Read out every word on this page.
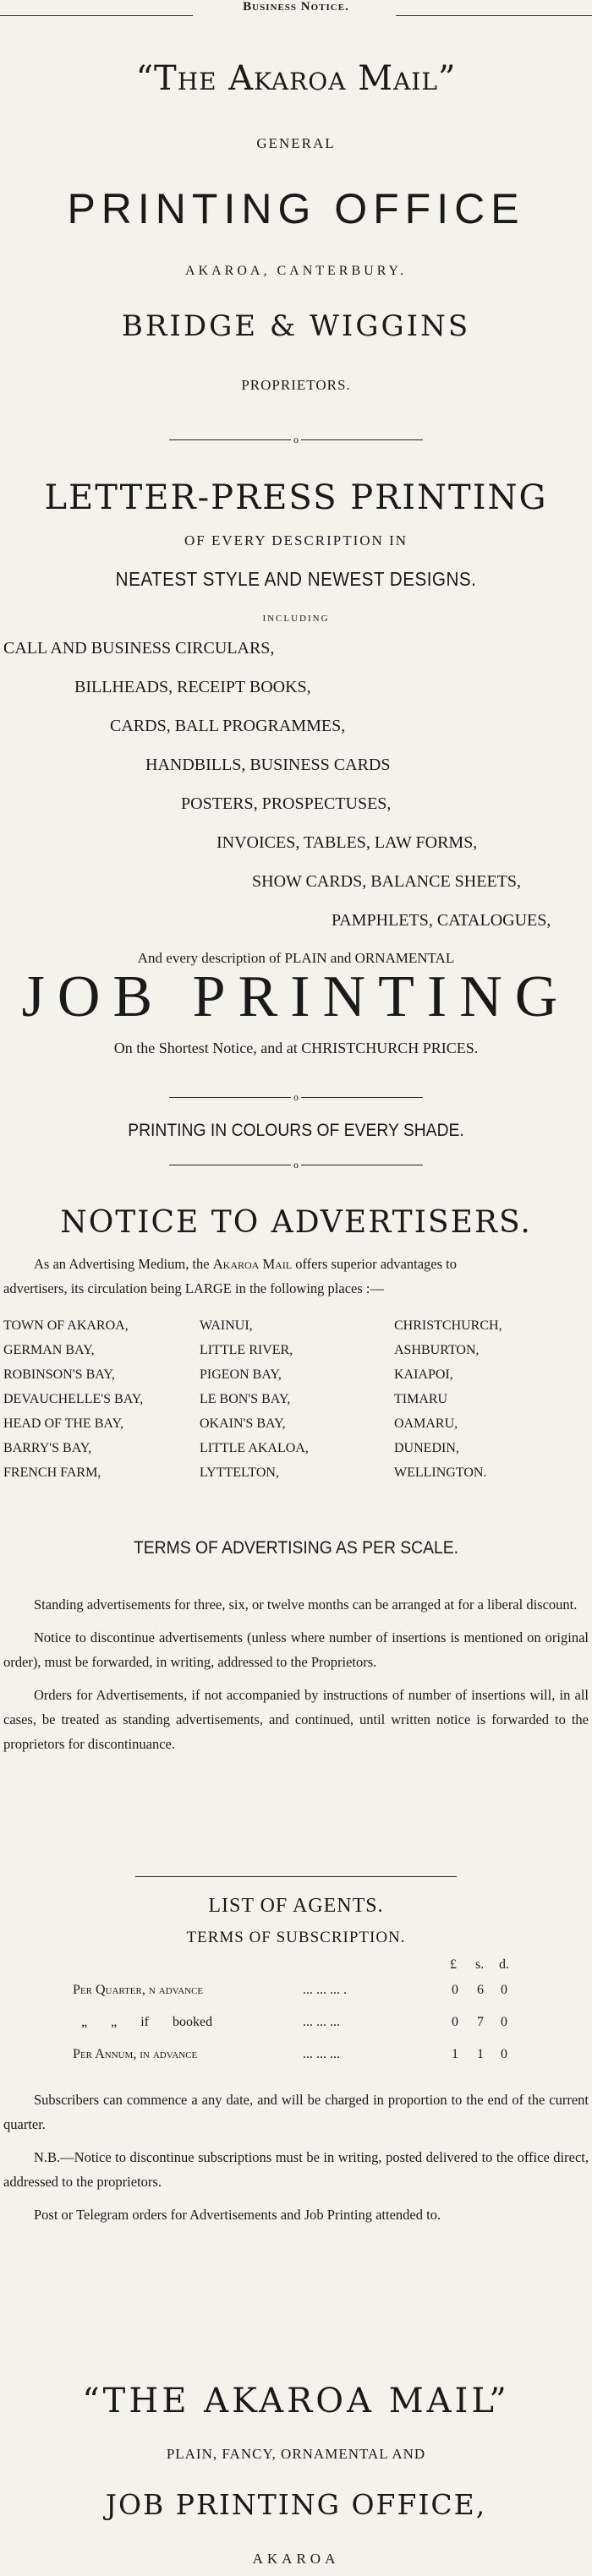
Business Notice.
“The Akaroa Mail”
GENERAL
PRINTING OFFICE
AKAROA, CANTERBURY.
BRIDGE & WIGGINS
PROPRIETORS.
o
LETTER-PRESS PRINTING
OF EVERY DESCRIPTION IN
NEATEST STYLE AND NEWEST DESIGNS.
INCLUDING
CALL AND BUSINESS CIRCULARS,
BILLHEADS, RECEIPT BOOKS,
CARDS, BALL PROGRAMMES,
HANDBILLS, BUSINESS CARDS
POSTERS, PROSPECTUSES,
INVOICES, TABLES, LAW FORMS,
SHOW CARDS, BALANCE SHEETS,
PAMPHLETS, CATALOGUES,
And every description of PLAIN and ORNAMENTAL
JOB PRINTING
On the Shortest Notice, and at CHRISTCHURCH PRICES.
o
PRINTING IN COLOURS OF EVERY SHADE.
o
NOTICE TO ADVERTISERS.
As an Advertising Medium, the Akaroa Mail offers superior advantages to
advertisers, its circulation being LARGE in the following places :—
TOWN OF AKAROA,	WAINUI,	CHRISTCHURCH,
GERMAN BAY,	LITTLE RIVER,	ASHBURTON,
ROBINSON'S BAY,	PIGEON BAY,	KAIAPOI,
DEVAUCHELLE'S BAY,	LE BON'S BAY,	TIMARU
HEAD OF THE BAY,	OKAIN'S BAY,	OAMARU,
BARRY'S BAY,	LITTLE AKALOA,	DUNEDIN,
FRENCH FARM,	LYTTELTON,	WELLINGTON.
TERMS OF ADVERTISING AS PER SCALE.

Standing advertisements for three, six, or twelve months can be arranged at for a liberal discount.

Notice to discontinue advertisements (unless where number of insertions is mentioned on original order), must be forwarded, in writing, addressed to the Proprietors.

Orders for Advertisements, if not accompanied by instructions of number of insertions will, in all cases, be treated as standing advertisements, and continued, until written notice is forwarded to the proprietors for discontinuance.

LIST OF AGENTS.
TERMS OF SUBSCRIPTION.
£ s. d.
Per Quarter, n advance	... ... ... .	0 6 0
„ „ if booked	... ... ...	0 7 0
Per Annum, in advance	... ... ...	1 1 0

Subscribers can commence a any date, and will be charged in proportion to the end of the current quarter.

N.B.—Notice to discontinue subscriptions must be in writing, posted delivered to the office direct, addressed to the proprietors.

Post or Telegram orders for Advertisements and Job Printing attended to.

“THE AKAROA MAIL”
PLAIN, FANCY, ORNAMENTAL AND
JOB PRINTING OFFICE,
AKAROA
